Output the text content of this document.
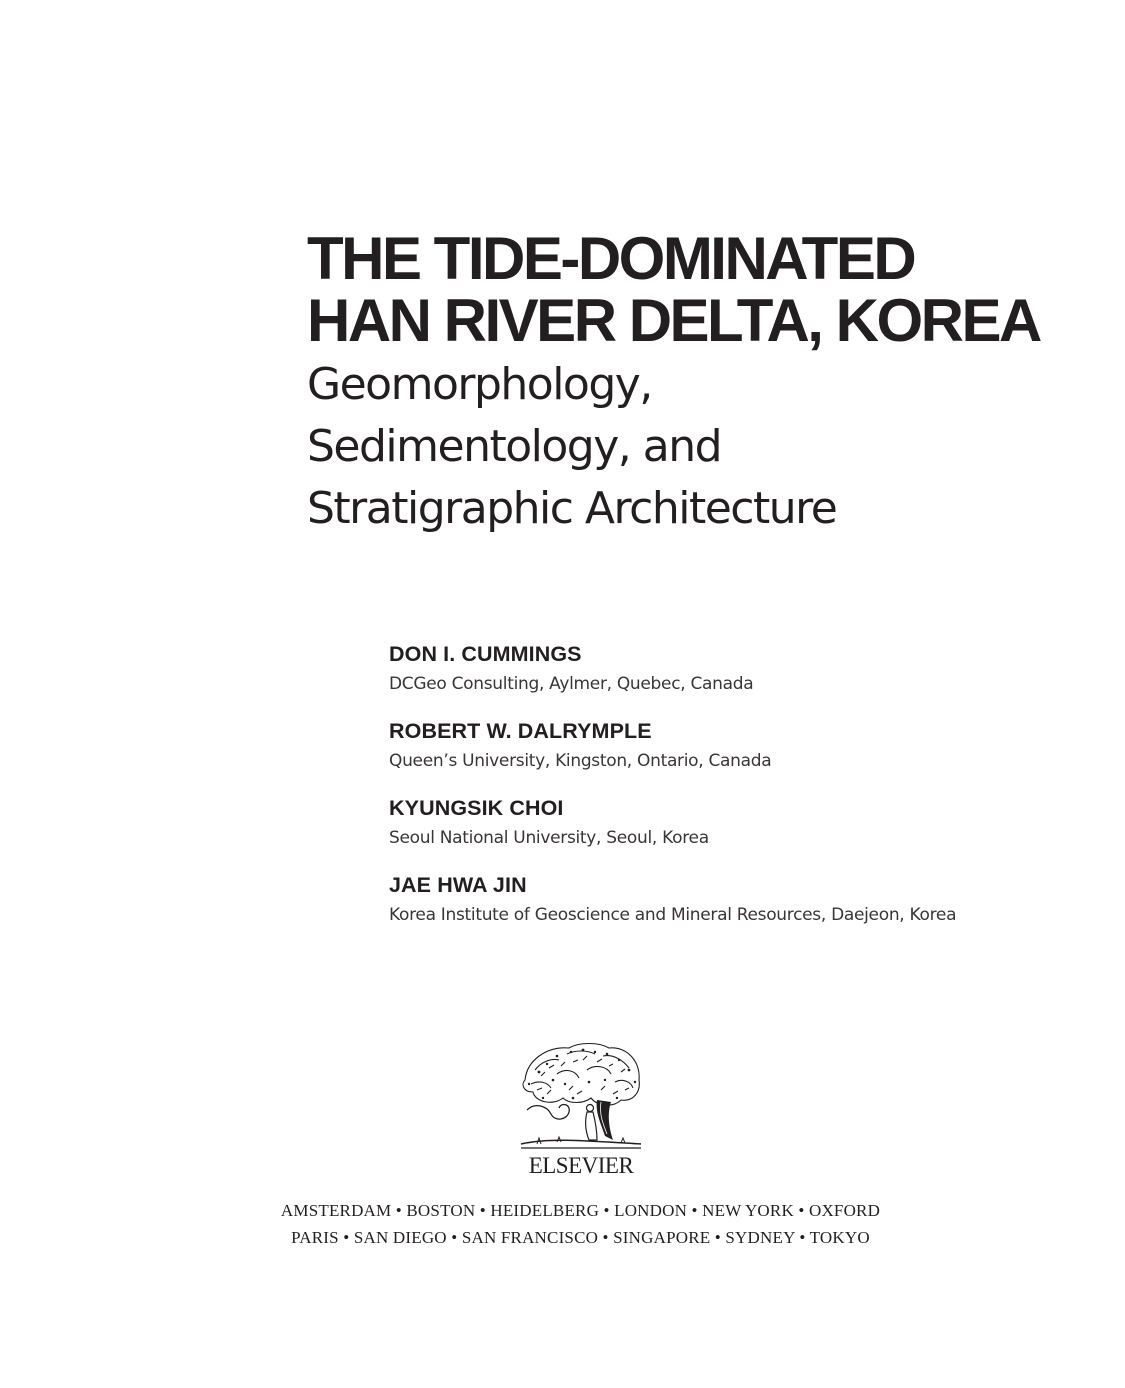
THE TIDE-DOMINATED
HAN RIVER DELTA, KOREA
Geomorphology,
Sedimentology, and
Stratigraphic Architecture
DON I. CUMMINGS
DCGeo Consulting, Aylmer, Quebec, Canada
ROBERT W. DALRYMPLE
Queen’s University, Kingston, Ontario, Canada
KYUNGSIK CHOI
Seoul National University, Seoul, Korea
JAE HWA JIN
Korea Institute of Geoscience and Mineral Resources, Daejeon, Korea
ELSEVIER
AMSTERDAM • BOSTON • HEIDELBERG • LONDON • NEW YORK • OXFORD
PARIS • SAN DIEGO • SAN FRANCISCO • SINGAPORE • SYDNEY • TOKYO
